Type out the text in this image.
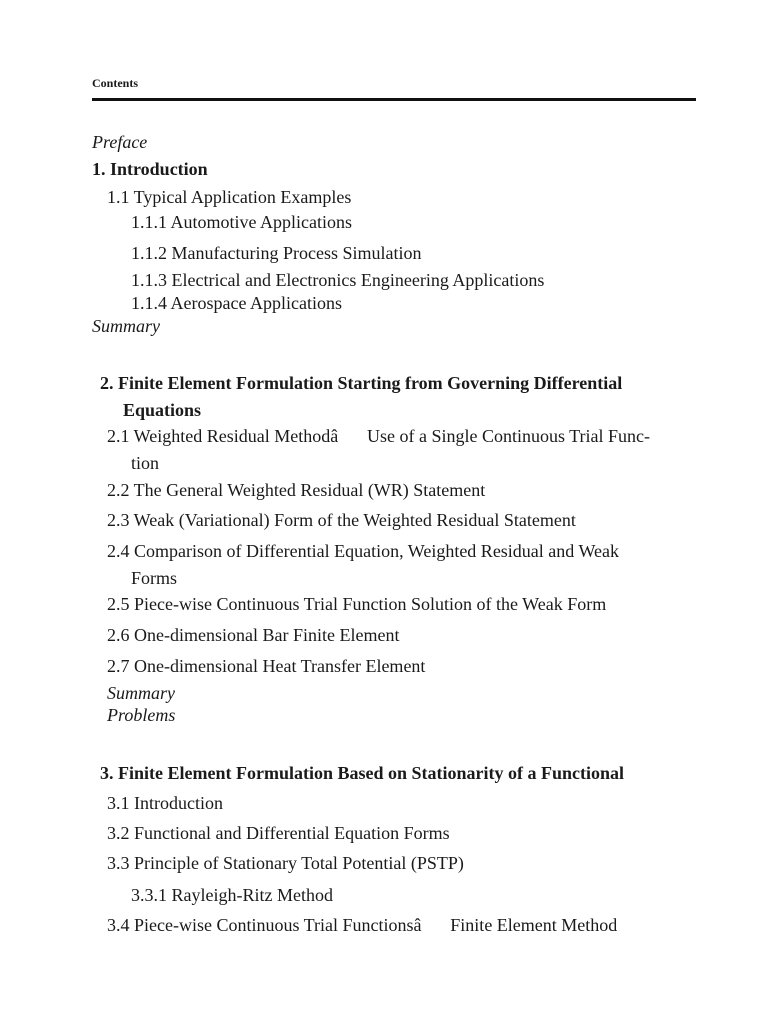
Contents
Preface
1. Introduction
1.1 Typical Application Examples
1.1.1 Automotive Applications
1.1.2 Manufacturing Process Simulation
1.1.3 Electrical and Electronics Engineering Applications
1.1.4 Aerospace Applications
Summary
2. Finite Element Formulation Starting from Governing Differential
Equations
2.1 Weighted Residual MethodâUse of a Single Continuous Trial Func-
tion
2.2 The General Weighted Residual (WR) Statement
2.3 Weak (Variational) Form of the Weighted Residual Statement
2.4 Comparison of Differential Equation, Weighted Residual and Weak
Forms
2.5 Piece-wise Continuous Trial Function Solution of the Weak Form
2.6 One-dimensional Bar Finite Element
2.7 One-dimensional Heat Transfer Element
Summary
Problems
3. Finite Element Formulation Based on Stationarity of a Functional
3.1 Introduction
3.2 Functional and Differential Equation Forms
3.3 Principle of Stationary Total Potential (PSTP)
3.3.1 Rayleigh-Ritz Method
3.4 Piece-wise Continuous Trial FunctionsâFinite Element Method
